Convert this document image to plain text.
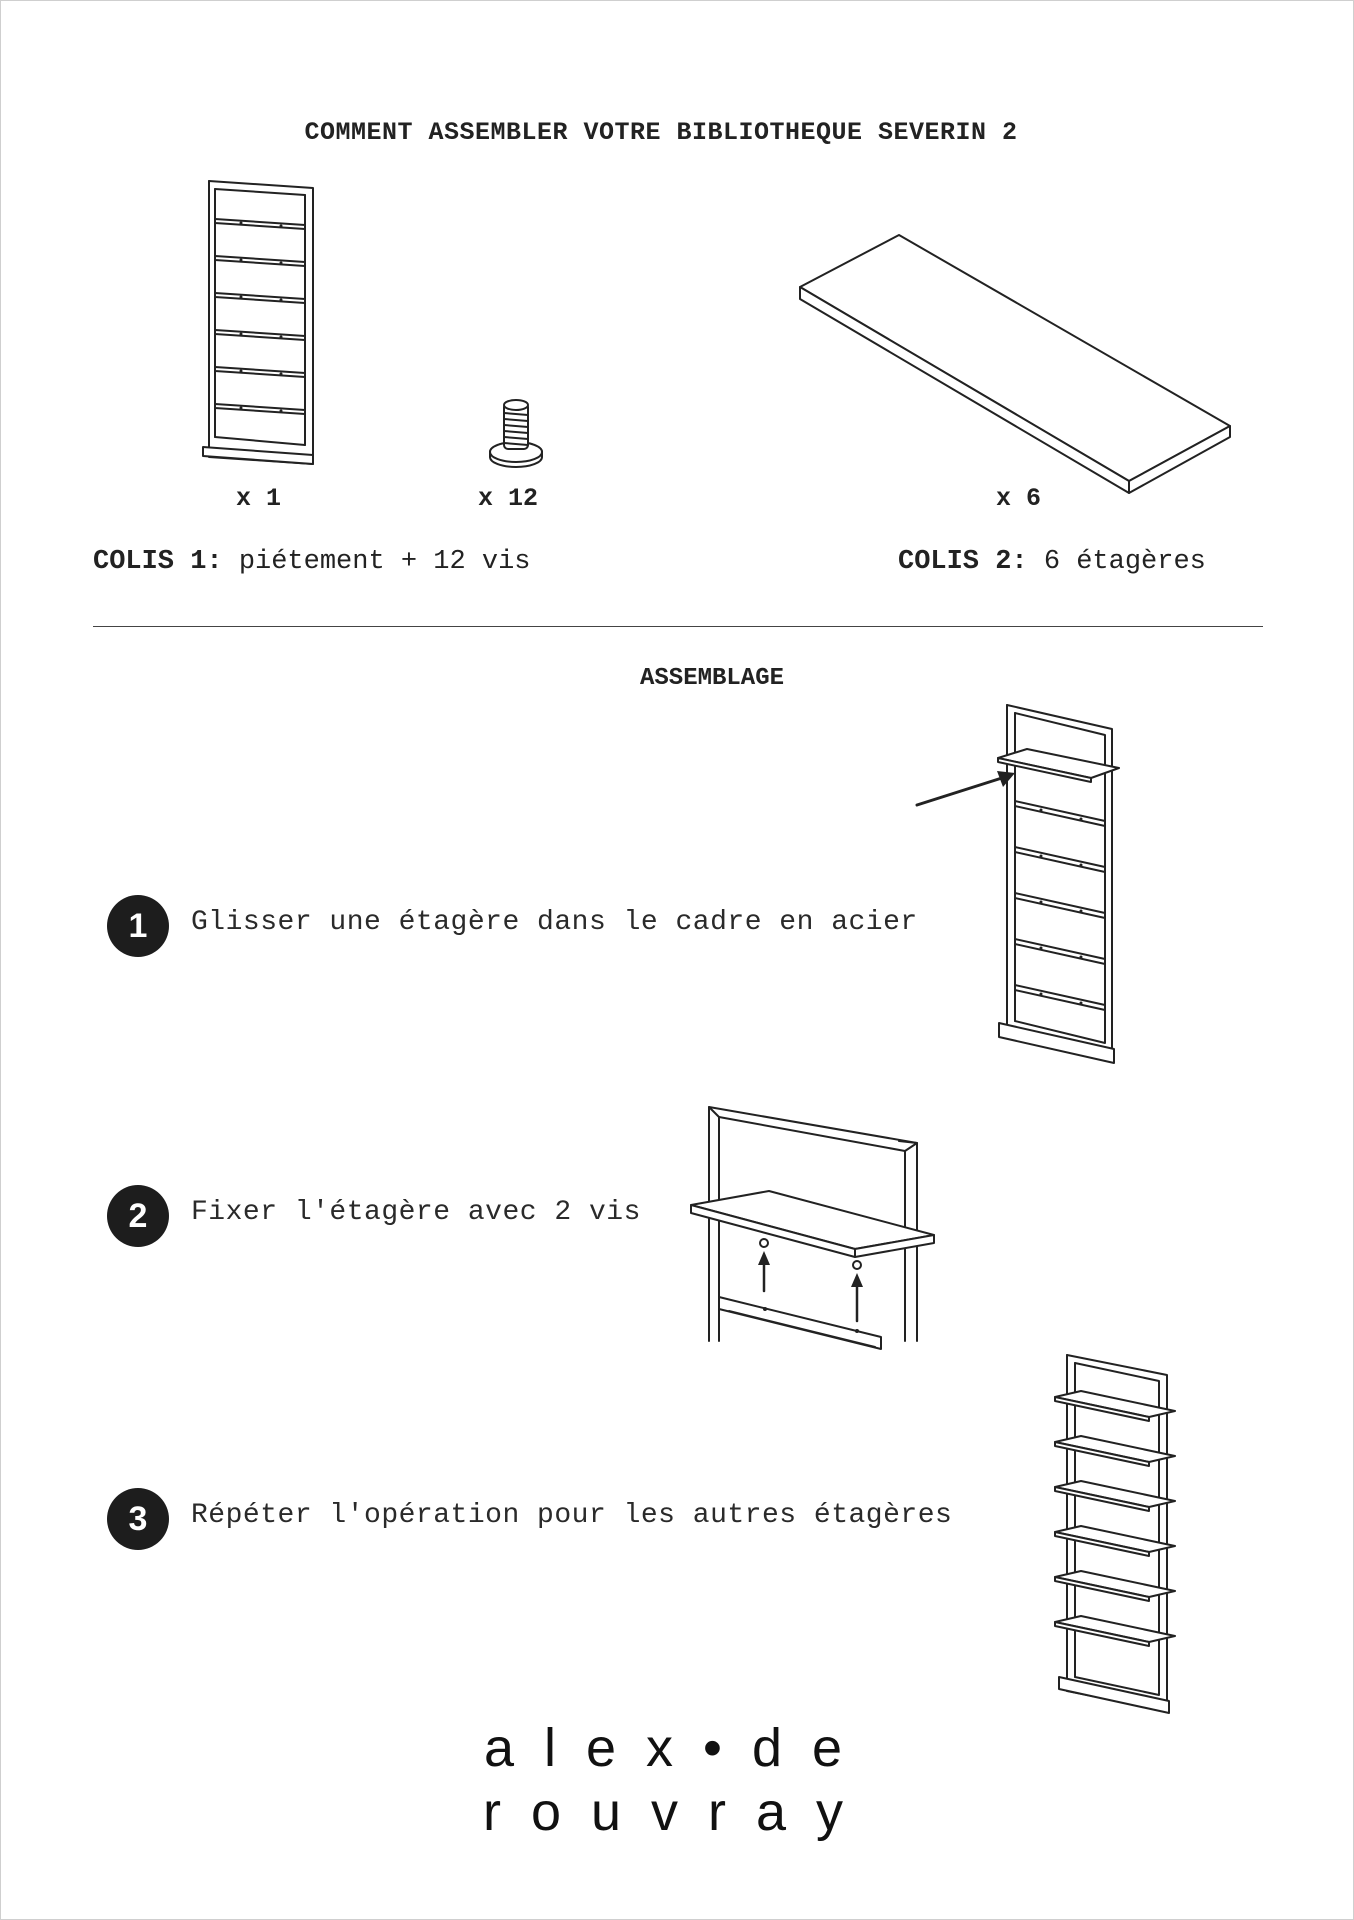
COMMENT ASSEMBLER VOTRE BIBLIOTHEQUE SEVERIN 2
x 1	x 12	x 6
COLIS 1: piétement + 12 vis	COLIS 2: 6 étagères
ASSEMBLAGE
1	Glisser une étagère dans le cadre en acier
2	Fixer l'étagère avec 2 vis
3	Répéter l'opération pour les autres étagères
alex•de
rouvray
